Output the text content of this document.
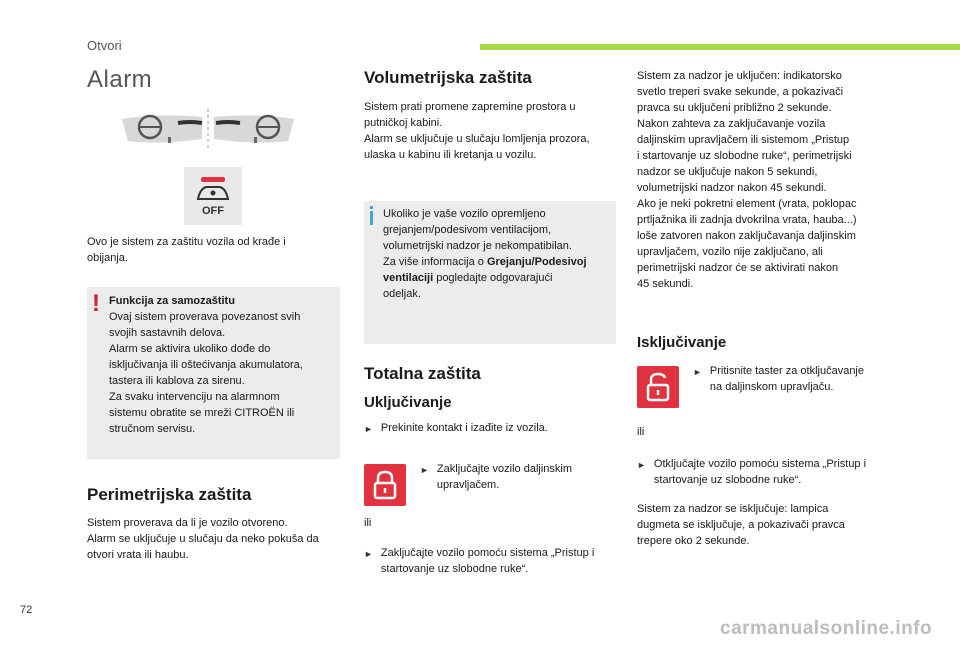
Otvori
Alarm
OFF
Ovo je sistem za zaštitu vozila od krađe i
obijanja.
! Funkcija za samozaštitu
Ovaj sistem proverava povezanost svih
svojih sastavnih delova.
Alarm se aktivira ukoliko dođe do
isključivanja ili oštećivanja akumulatora,
tastera ili kablova za sirenu.
Za svaku intervenciju na alarmnom
sistemu obratite se mreži CITROËN ili
stručnom servisu.
Perimetrijska zaštita
Sistem proverava da li je vozilo otvoreno.
Alarm se uključuje u slučaju da neko pokuša da
otvori vrata ili haubu.
Volumetrijska zaštita
Sistem prati promene zapremine prostora u
putničkoj kabini.
Alarm se uključuje u slučaju lomljenja prozora,
ulaska u kabinu ili kretanja u vozilu.
Ukoliko je vaše vozilo opremljeno
grejanjem/podesivom ventilacijom,
volumetrijski nadzor je nekompatibilan.
Za više informacija o Grejanju/Podesivoj
ventilaciji pogledajte odgovarajući
odeljak.
Totalna zaštita
Uključivanje
► Prekinite kontakt i izađite iz vozila.
► Zaključajte vozilo daljinskim
upravljačem.
ili
► Zaključajte vozilo pomoću sistema „Pristup i
startovanje uz slobodne ruke“.
Sistem za nadzor je uključen: indikatorsko
svetlo treperi svake sekunde, a pokazivači
pravca su uključeni približno 2 sekunde.
Nakon zahteva za zaključavanje vozila
daljinskim upravljačem ili sistemom „Pristup
i startovanje uz slobodne ruke“, perimetrijski
nadzor se uključuje nakon 5 sekundi,
volumetrijski nadzor nakon 45 sekundi.
Ako je neki pokretni element (vrata, poklopac
prtljažnika ili zadnja dvokrilna vrata, hauba...)
loše zatvoren nakon zaključavanja daljinskim
upravljačem, vozilo nije zaključano, ali
perimetrijski nadzor će se aktivirati nakon
45 sekundi.
Isključivanje
► Pritisnite taster za otključavanje
na daljinskom upravljaču.
ili
► Otključajte vozilo pomoću sistema „Pristup i
startovanje uz slobodne ruke“.
Sistem za nadzor se isključuje: lampica
dugmeta se isključuje, a pokazivači pravca
trepere oko 2 sekunde.
72
carmanualsonline.info
